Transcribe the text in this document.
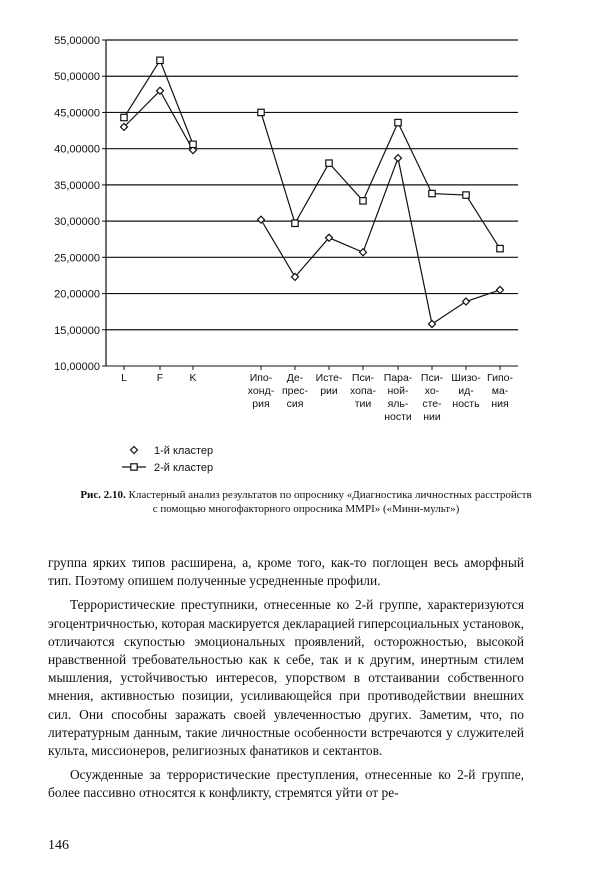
55,00000
50,00000
45,00000
40,00000
35,00000
30,00000
25,00000
20,00000
15,00000
10,00000
L	F	K	Ипо-
хонд-
рия
Де-
прес-
сия
Исте-
рии
Пси-
хопа-
тии
Пара-
ной-
яль-
ности
Пси-
хо-
сте-
нии
Шизо-
ид-
ность
Гипо-
ма-
ния
1-й кластер
2-й кластер
Рис. 2.10. Кластерный анализ результатов по опроснику «Диагностика личностных расстройств с помощью многофакторного опросника MMPI» («Мини-мульт»)

группа ярких типов расширена, а, кроме того, как-то поглощен весь аморфный тип. Поэтому опишем полученные усредненные профили.

Террористические преступники, отнесенные ко 2-й группе, характеризуются эгоцентричностью, которая маскируется декларацией гиперсоциальных установок, отличаются скупостью эмоциональных проявлений, осторожностью, высокой нравственной требовательностью как к себе, так и к другим, инертным стилем мышления, устойчивостью интересов, упорством в отстаивании собственного мнения, активностью позиции, усиливающейся при противодействии внешних сил. Они способны заражать своей увлеченностью других. Заметим, что, по литературным данным, такие личностные особенности встречаются у служителей культа, миссионеров, религиозных фанатиков и сектантов.

Осужденные за террористические преступления, отнесенные ко 2-й группе, более пассивно относятся к конфликту, стремятся уйти от ре-

146
